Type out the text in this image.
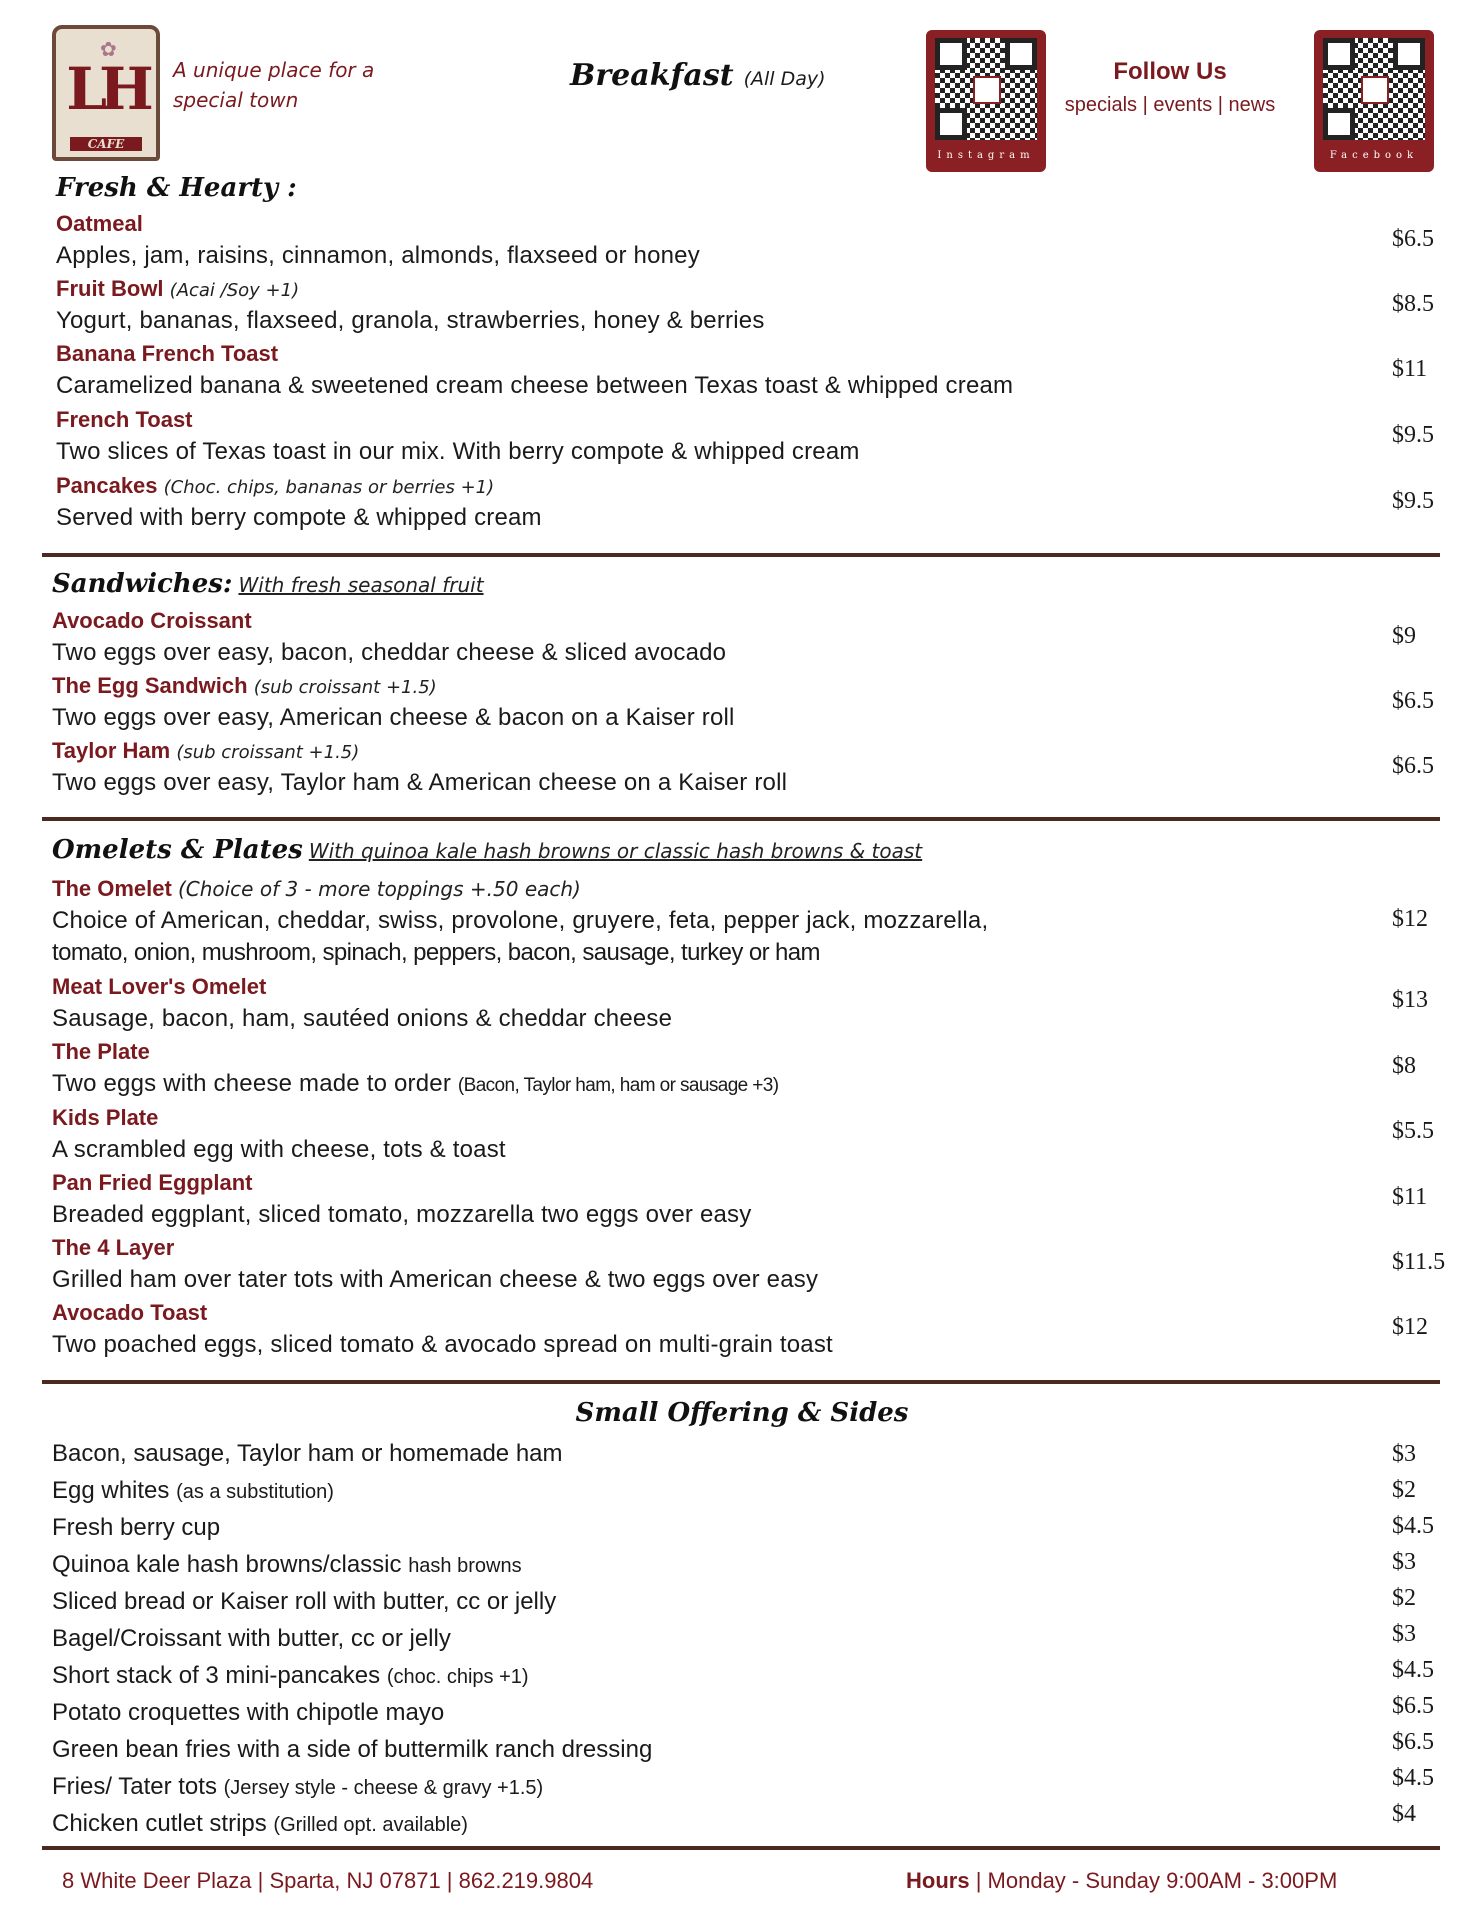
✿
LH
CAFE
A unique place for a
special town
Breakfast (All Day)
Instagram
Follow Us
specials | events | news
Facebook
Fresh & Hearty :
Oatmeal
Apples, jam, raisins, cinnamon, almonds, flaxseed or honey
$6.5
Fruit Bowl (Acai /Soy +1)
Yogurt, bananas, flaxseed, granola, strawberries, honey & berries
$8.5
Banana French Toast
Caramelized banana & sweetened cream cheese between Texas toast & whipped cream
$11
French Toast
Two slices of Texas toast in our mix. With berry compote & whipped cream
$9.5
Pancakes (Choc. chips, bananas or berries +1)
Served with berry compote & whipped cream
$9.5
Sandwiches: With fresh seasonal fruit
Avocado Croissant
Two eggs over easy, bacon, cheddar cheese & sliced avocado
$9
The Egg Sandwich (sub croissant +1.5)
Two eggs over easy, American cheese & bacon on a Kaiser roll
$6.5
Taylor Ham (sub croissant +1.5)
Two eggs over easy, Taylor ham & American cheese on a Kaiser roll
$6.5
Omelets & Plates With quinoa kale hash browns or classic hash browns & toast
The Omelet (Choice of 3 - more toppings +.50 each)
Choice of American, cheddar, swiss, provolone, gruyere, feta, pepper jack, mozzarella,
tomato, onion, mushroom, spinach, peppers, bacon, sausage, turkey or ham
$12
Meat Lover's Omelet
Sausage, bacon, ham, sautéed onions & cheddar cheese
$13
The Plate
Two eggs with cheese made to order (Bacon, Taylor ham, ham or sausage +3)
$8
Kids Plate
A scrambled egg with cheese, tots & toast
$5.5
Pan Fried Eggplant
Breaded eggplant, sliced tomato, mozzarella two eggs over easy
$11
The 4 Layer
Grilled ham over tater tots with American cheese & two eggs over easy
$11.5
Avocado Toast
Two poached eggs, sliced tomato & avocado spread on multi-grain toast
$12
Small Offering & Sides
Bacon, sausage, Taylor ham or homemade ham
Egg whites (as a substitution)
Fresh berry cup
Quinoa kale hash browns/classic hash browns
Sliced bread or Kaiser roll with butter, cc or jelly
Bagel/Croissant with butter, cc or jelly
Short stack of 3 mini-pancakes (choc. chips +1)
Potato croquettes with chipotle mayo
Green bean fries with a side of buttermilk ranch dressing
Fries/ Tater tots (Jersey style - cheese & gravy +1.5)
Chicken cutlet strips (Grilled opt. available)
$3
$2
$4.5
$3
$2
$3
$4.5
$6.5
$6.5
$4.5
$4
8 White Deer Plaza | Sparta, NJ 07871 | 862.219.9804	Hours | Monday - Sunday 9:00AM - 3:00PM
